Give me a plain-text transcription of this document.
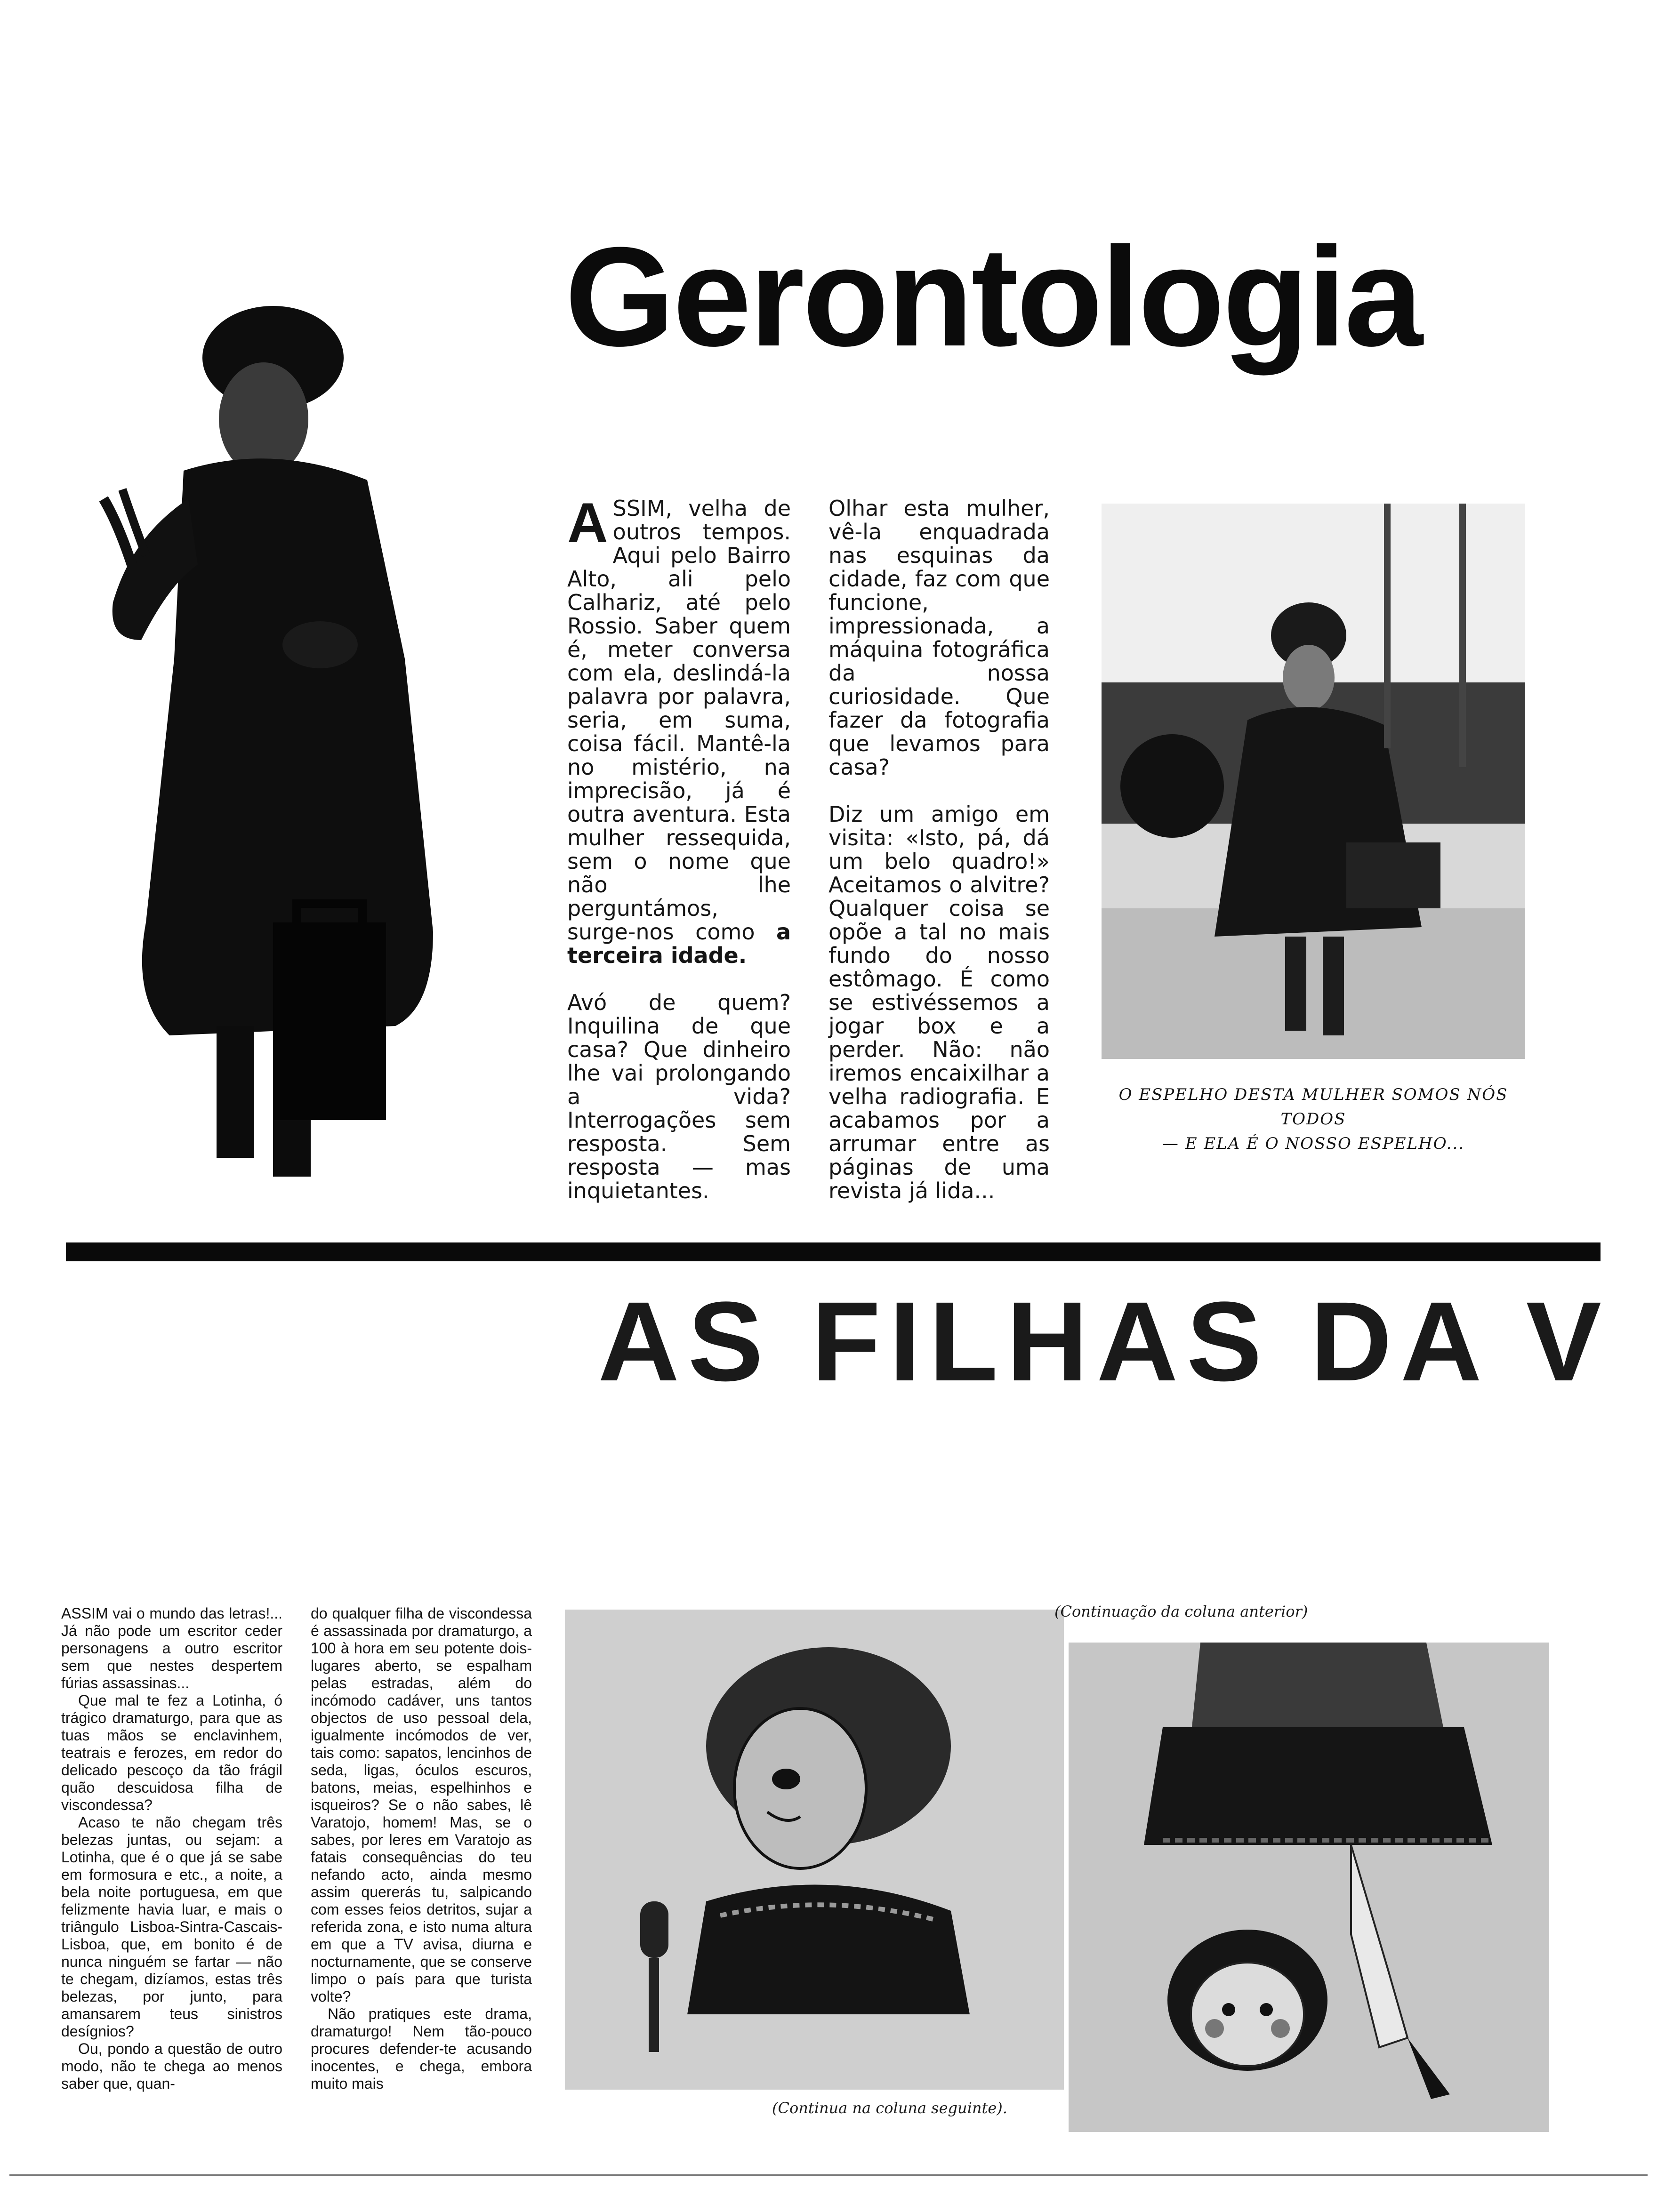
Gerontologia

ASSIM, velha de outros tempos. Aqui pelo Bairro Alto, ali pelo Calhariz, até pelo Rossio. Saber quem é, meter conversa com ela, deslindá-la palavra por palavra, seria, em suma, coisa fácil. Mantê-la no mistério, na imprecisão, já é outra aventura. Esta mulher ressequida, sem o nome que não lhe perguntámos, surge-nos como a terceira idade.

Avó de quem? Inquilina de que casa? Que dinheiro lhe vai prolongando a vida? Interrogações sem resposta. Sem resposta — mas inquietantes.

Olhar esta mulher, vê-la enquadrada nas esquinas da cidade, faz com que funcione, impressionada, a máquina fotográfica da nossa curiosidade. Que fazer da fotografia que levamos para casa?

Diz um amigo em visita: «Isto, pá, dá um belo quadro!» Aceitamos o alvitre? Qualquer coisa se opõe a tal no mais fundo do nosso estômago. É como se estivéssemos a jogar box e a perder. Não: não iremos encaixilhar a velha radiografia. E acabamos por a arrumar entre as páginas de uma revista já lida...

O ESPELHO DESTA MULHER SOMOS NÓS TODOS
— E ELA É O NOSSO ESPELHO...
AS FILHAS DA V

ASSIM vai o mundo das letras!... Já não pode um escritor ceder personagens a outro escritor sem que nestes despertem fúrias assassinas...

Que mal te fez a Lotinha, ó trágico dramaturgo, para que as tuas mãos se enclavinhem, teatrais e ferozes, em redor do delicado pescoço da tão frágil quão descuidosa filha de viscondessa?

Acaso te não chegam três belezas juntas, ou sejam: a Lotinha, que é o que já se sabe em formosura e etc., a noite, a bela noite portuguesa, em que felizmente havia luar, e mais o triângulo Lisboa-Sintra-Cascais-Lisboa, que, em bonito é de nunca ninguém se fartar — não te chegam, dizíamos, estas três belezas, por junto, para amansarem teus sinistros desígnios?

Ou, pondo a questão de outro modo, não te chega ao menos saber que, quan-

do qualquer filha de viscondessa é assassinada por dramaturgo, a 100 à hora em seu potente dois-lugares aberto, se espalham pelas estradas, além do incómodo cadáver, uns tantos objectos de uso pessoal dela, igualmente incómodos de ver, tais como: sapatos, lencinhos de seda, ligas, óculos escuros, batons, meias, espelhinhos e isqueiros? Se o não sabes, lê Varatojo, homem! Mas, se o sabes, por leres em Varatojo as fatais consequências do teu nefando acto, ainda mesmo assim quererás tu, salpicando com esses feios detritos, sujar a referida zona, e isto numa altura em que a TV avisa, diurna e nocturnamente, que se conserve limpo o país para que turista volte?

Não pratiques este drama, dramaturgo! Nem tão-pouco procures defender-te acusando inocentes, e chega, embora muito mais

(Continua na coluna seguinte).
(Continuação da coluna anterior)
